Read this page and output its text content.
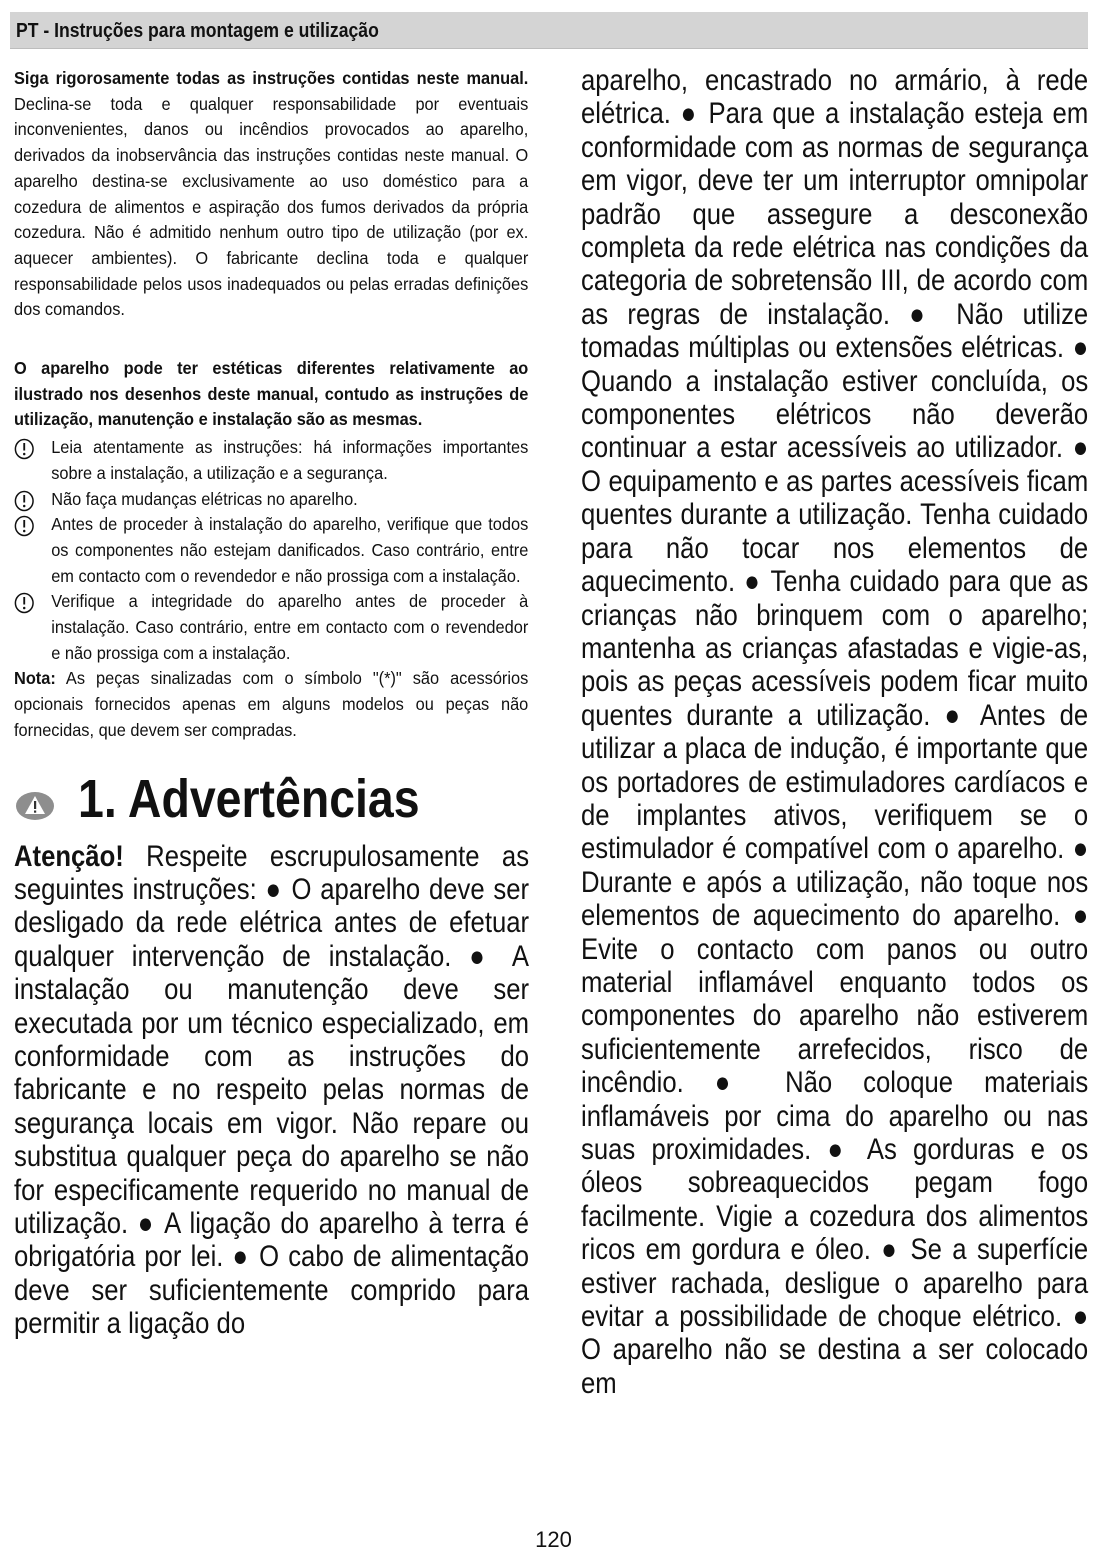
PT - Instruções para montagem e utilização
Siga rigorosamente todas as instruções contidas neste manual. Declina-se toda e qualquer responsabilidade por eventuais inconvenientes, danos ou incêndios provocados ao aparelho, derivados da inobservância das instruções contidas neste manual. O aparelho destina-se exclusivamente ao uso doméstico para a cozedura de alimentos e aspiração dos fumos derivados da própria cozedura. Não é admitido nenhum outro tipo de utilização (por ex. aquecer ambientes). O fabricante declina toda e qualquer responsabilidade pelos usos inadequados ou pelas erradas definições dos comandos.
O aparelho pode ter estéticas diferentes relativamente ao ilustrado nos desenhos deste manual, contudo as instruções de utilização, manutenção e instalação são as mesmas.
Leia atentamente as instruções: há informações importantes sobre a instalação, a utilização e a segurança.
Não faça mudanças elétricas no aparelho.
Antes de proceder à instalação do aparelho, verifique que todos os componentes não estejam danificados. Caso contrário, entre em contacto com o revendedor e não prossiga com a instalação.
Verifique a integridade do aparelho antes de proceder à instalação. Caso contrário, entre em contacto com o revendedor e não prossiga com a instalação.
Nota: As peças sinalizadas com o símbolo "(*)" são acessórios opcionais fornecidos apenas em alguns modelos ou peças não fornecidas, que devem ser compradas.
1. Advertências
Atenção! Respeite escrupulosamente as seguintes instruções: ● O aparelho deve ser desligado da rede elétrica antes de efetuar qualquer intervenção de instalação. ● A instalação ou manutenção deve ser executada por um técnico especializado, em conformidade com as instruções do fabricante e no respeito pelas normas de segurança locais em vigor. Não repare ou substitua qualquer peça do aparelho se não for especificamente requerido no manual de utilização. ● A ligação do aparelho à terra é obrigatória por lei. ● O cabo de alimentação deve ser suficientemente comprido para permitir a ligação do
aparelho, encastrado no armário, à rede elétrica. ● Para que a instalação esteja em conformidade com as normas de segurança em vigor, deve ter um interruptor omnipolar padrão que assegure a desconexão completa da rede elétrica nas condições da categoria de sobretensão III, de acordo com as regras de instalação. ● Não utilize tomadas múltiplas ou extensões elétricas. ● Quando a instalação estiver concluída, os componentes elétricos não deverão continuar a estar acessíveis ao utilizador. ● O equipamento e as partes acessíveis ficam quentes durante a utilização. Tenha cuidado para não tocar nos elementos de aquecimento. ● Tenha cuidado para que as crianças não brinquem com o aparelho; mantenha as crianças afastadas e vigie-as, pois as peças acessíveis podem ficar muito quentes durante a utilização. ● Antes de utilizar a placa de indução, é importante que os portadores de estimuladores cardíacos e de implantes ativos, verifiquem se o estimulador é compatível com o aparelho. ● Durante e após a utilização, não toque nos elementos de aquecimento do aparelho. ● Evite o contacto com panos ou outro material inflamável enquanto todos os componentes do aparelho não estiverem suficientemente arrefecidos, risco de incêndio. ● Não coloque materiais inflamáveis por cima do aparelho ou nas suas proximidades. ● As gorduras e os óleos sobreaquecidos pegam fogo facilmente. Vigie a cozedura dos alimentos ricos em gordura e óleo. ● Se a superfície estiver rachada, desligue o aparelho para evitar a possibilidade de choque elétrico. ● O aparelho não se destina a ser colocado em
120
